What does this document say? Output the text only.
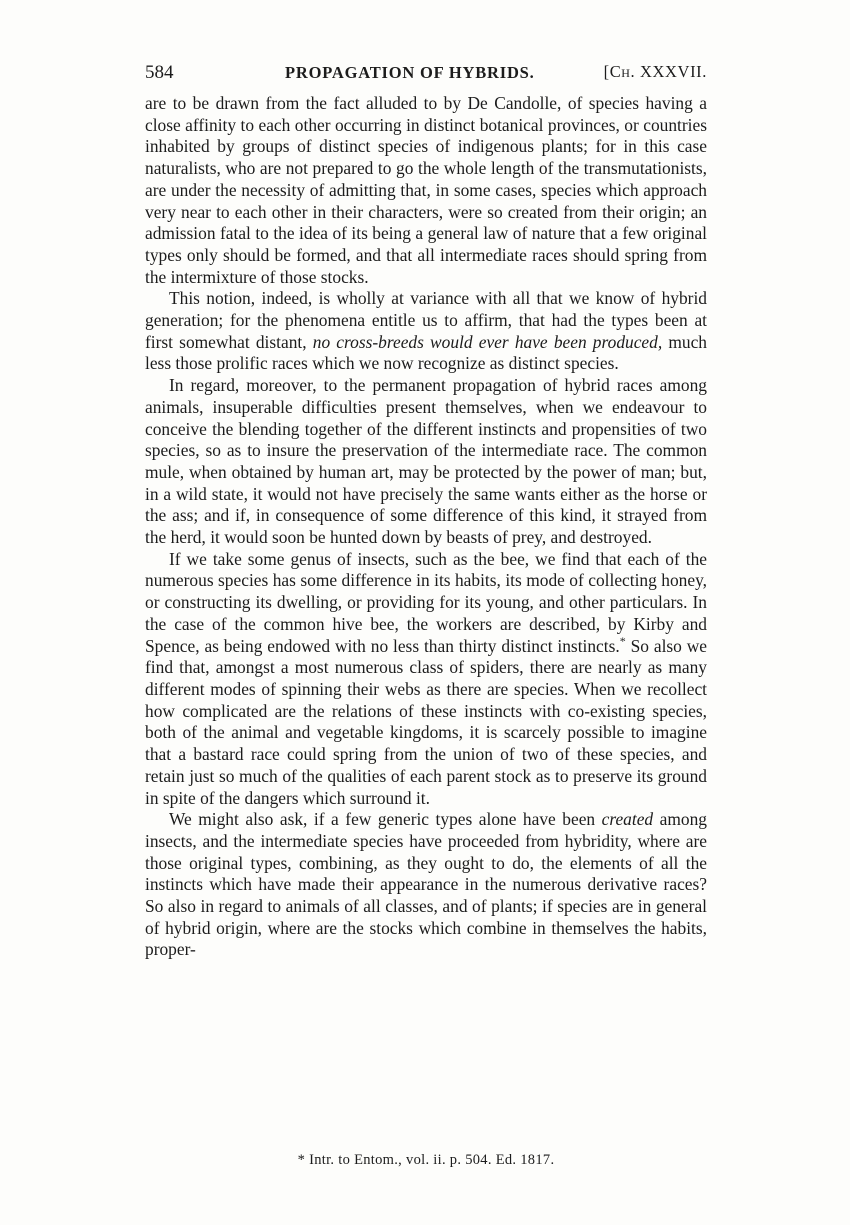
584	PROPAGATION OF HYBRIDS.	[Ch. XXXVII.

are to be drawn from the fact alluded to by De Candolle, of species having a close affinity to each other occurring in distinct botanical provinces, or countries inhabited by groups of distinct species of indigenous plants; for in this case naturalists, who are not prepared to go the whole length of the transmutationists, are under the necessity of admitting that, in some cases, species which approach very near to each other in their characters, were so created from their origin; an admission fatal to the idea of its being a general law of nature that a few original types only should be formed, and that all intermediate races should spring from the intermixture of those stocks.

This notion, indeed, is wholly at variance with all that we know of hybrid generation; for the phenomena entitle us to affirm, that had the types been at first somewhat distant, no cross-breeds would ever have been produced, much less those prolific races which we now recognize as distinct species.

In regard, moreover, to the permanent propagation of hybrid races among animals, insuperable difficulties present themselves, when we endeavour to conceive the blending together of the different instincts and propensities of two species, so as to insure the preservation of the intermediate race. The common mule, when obtained by human art, may be protected by the power of man; but, in a wild state, it would not have precisely the same wants either as the horse or the ass; and if, in consequence of some difference of this kind, it strayed from the herd, it would soon be hunted down by beasts of prey, and destroyed.

If we take some genus of insects, such as the bee, we find that each of the numerous species has some difference in its habits, its mode of collecting honey, or constructing its dwelling, or providing for its young, and other particulars. In the case of the common hive bee, the workers are described, by Kirby and Spence, as being endowed with no less than thirty distinct instincts.* So also we find that, amongst a most numerous class of spiders, there are nearly as many different modes of spinning their webs as there are species. When we recollect how complicated are the relations of these instincts with co-existing species, both of the animal and vegetable kingdoms, it is scarcely possible to imagine that a bastard race could spring from the union of two of these species, and retain just so much of the qualities of each parent stock as to preserve its ground in spite of the dangers which surround it.

We might also ask, if a few generic types alone have been created among insects, and the intermediate species have proceeded from hybridity, where are those original types, combining, as they ought to do, the elements of all the instincts which have made their appearance in the numerous derivative races? So also in regard to animals of all classes, and of plants; if species are in general of hybrid origin, where are the stocks which combine in themselves the habits, proper-

* Intr. to Entom., vol. ii. p. 504. Ed. 1817.
